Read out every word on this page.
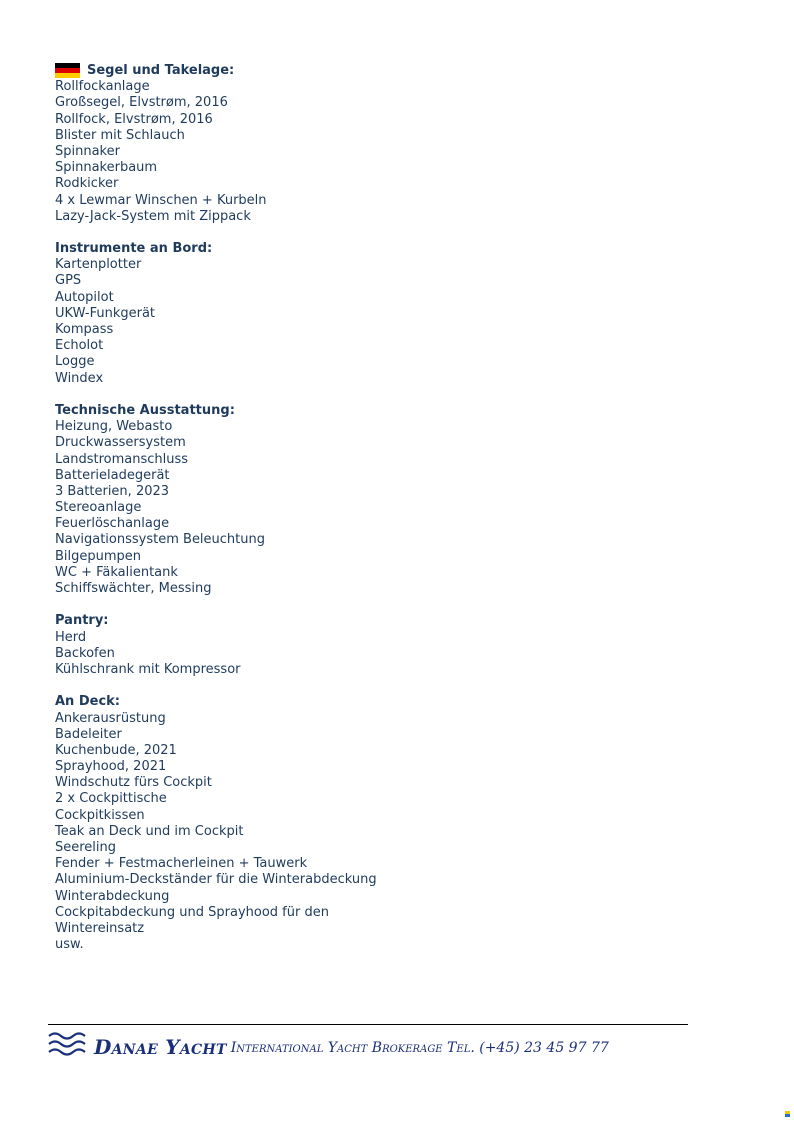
Segel und Takelage:
Rollfockanlage
Großsegel, Elvstrøm, 2016
Rollfock, Elvstrøm, 2016
Blister mit Schlauch
Spinnaker
Spinnakerbaum
Rodkicker
4 x Lewmar Winschen + Kurbeln
Lazy-Jack-System mit Zippack
Instrumente an Bord:
Kartenplotter
GPS
Autopilot
UKW-Funkgerät
Kompass
Echolot
Logge
Windex
Technische Ausstattung:
Heizung, Webasto
Druckwassersystem
Landstromanschluss
Batterieladegerät
3 Batterien, 2023
Stereoanlage
Feuerlöschanlage
Navigationssystem Beleuchtung
Bilgepumpen
WC + Fäkalientank
Schiffswächter, Messing
Pantry:
Herd
Backofen
Kühlschrank mit Kompressor
An Deck:
Ankerausrüstung
Badeleiter
Kuchenbude, 2021
Sprayhood, 2021
Windschutz fürs Cockpit
2 x Cockpittische
Cockpitkissen
Teak an Deck und im Cockpit
Seereling
Fender + Festmacherleinen + Tauwerk
Aluminium-Deckständer für die Winterabdeckung
Winterabdeckung
Cockpitabdeckung und Sprayhood für den
Wintereinsatz
usw.
Danae Yacht International Yacht Brokerage Tel. (+45) 23 45 97 77
